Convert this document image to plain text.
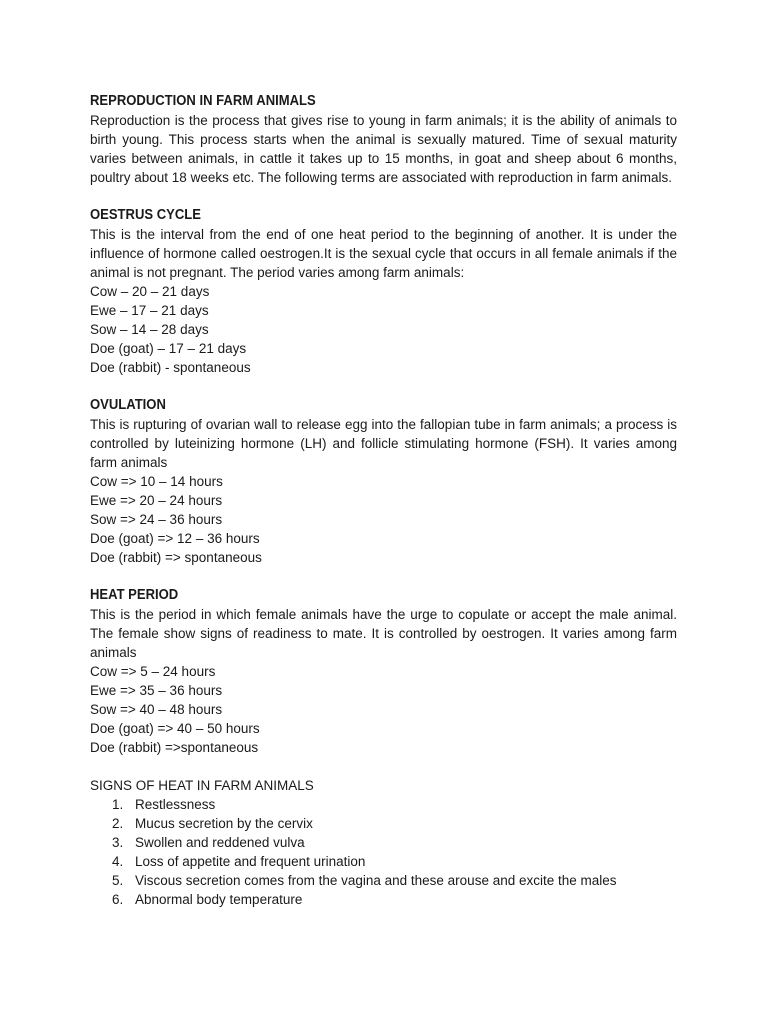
REPRODUCTION IN FARM ANIMALS

Reproduction is the process that gives rise to young in farm animals; it is the ability of animals to birth young. This process starts when the animal is sexually matured. Time of sexual maturity varies between animals, in cattle it takes up to 15 months, in goat and sheep about 6 months, poultry about 18 weeks etc. The following terms are associated with reproduction in farm animals.

OESTRUS CYCLE

This is the interval from the end of one heat period to the beginning of another. It is under the influence of hormone called oestrogen.It is the sexual cycle that occurs in all female animals if the animal is not pregnant. The period varies among farm animals:

Cow – 20 – 21 days

Ewe – 17 – 21 days

Sow – 14 – 28 days

Doe (goat) – 17 – 21 days

Doe (rabbit) - spontaneous

OVULATION

This is rupturing of ovarian wall to release egg into the fallopian tube in farm animals; a process is controlled by luteinizing hormone (LH) and follicle stimulating hormone (FSH). It varies among farm animals

Cow => 10 – 14 hours

Ewe => 20 – 24 hours

Sow => 24 – 36 hours

Doe (goat) => 12 – 36 hours

Doe (rabbit) => spontaneous

HEAT PERIOD

This is the period in which female animals have the urge to copulate or accept the male animal. The female show signs of readiness to mate. It is controlled by oestrogen. It varies among farm animals

Cow => 5 – 24 hours

Ewe => 35 – 36 hours

Sow => 40 – 48 hours

Doe (goat) => 40 – 50 hours

Doe (rabbit) =>spontaneous

SIGNS OF HEAT IN FARM ANIMALS

1. Restlessness
2. Mucus secretion by the cervix
3. Swollen and reddened vulva
4. Loss of appetite and frequent urination
5. Viscous secretion comes from the vagina and these arouse and excite the males
6. Abnormal body temperature
